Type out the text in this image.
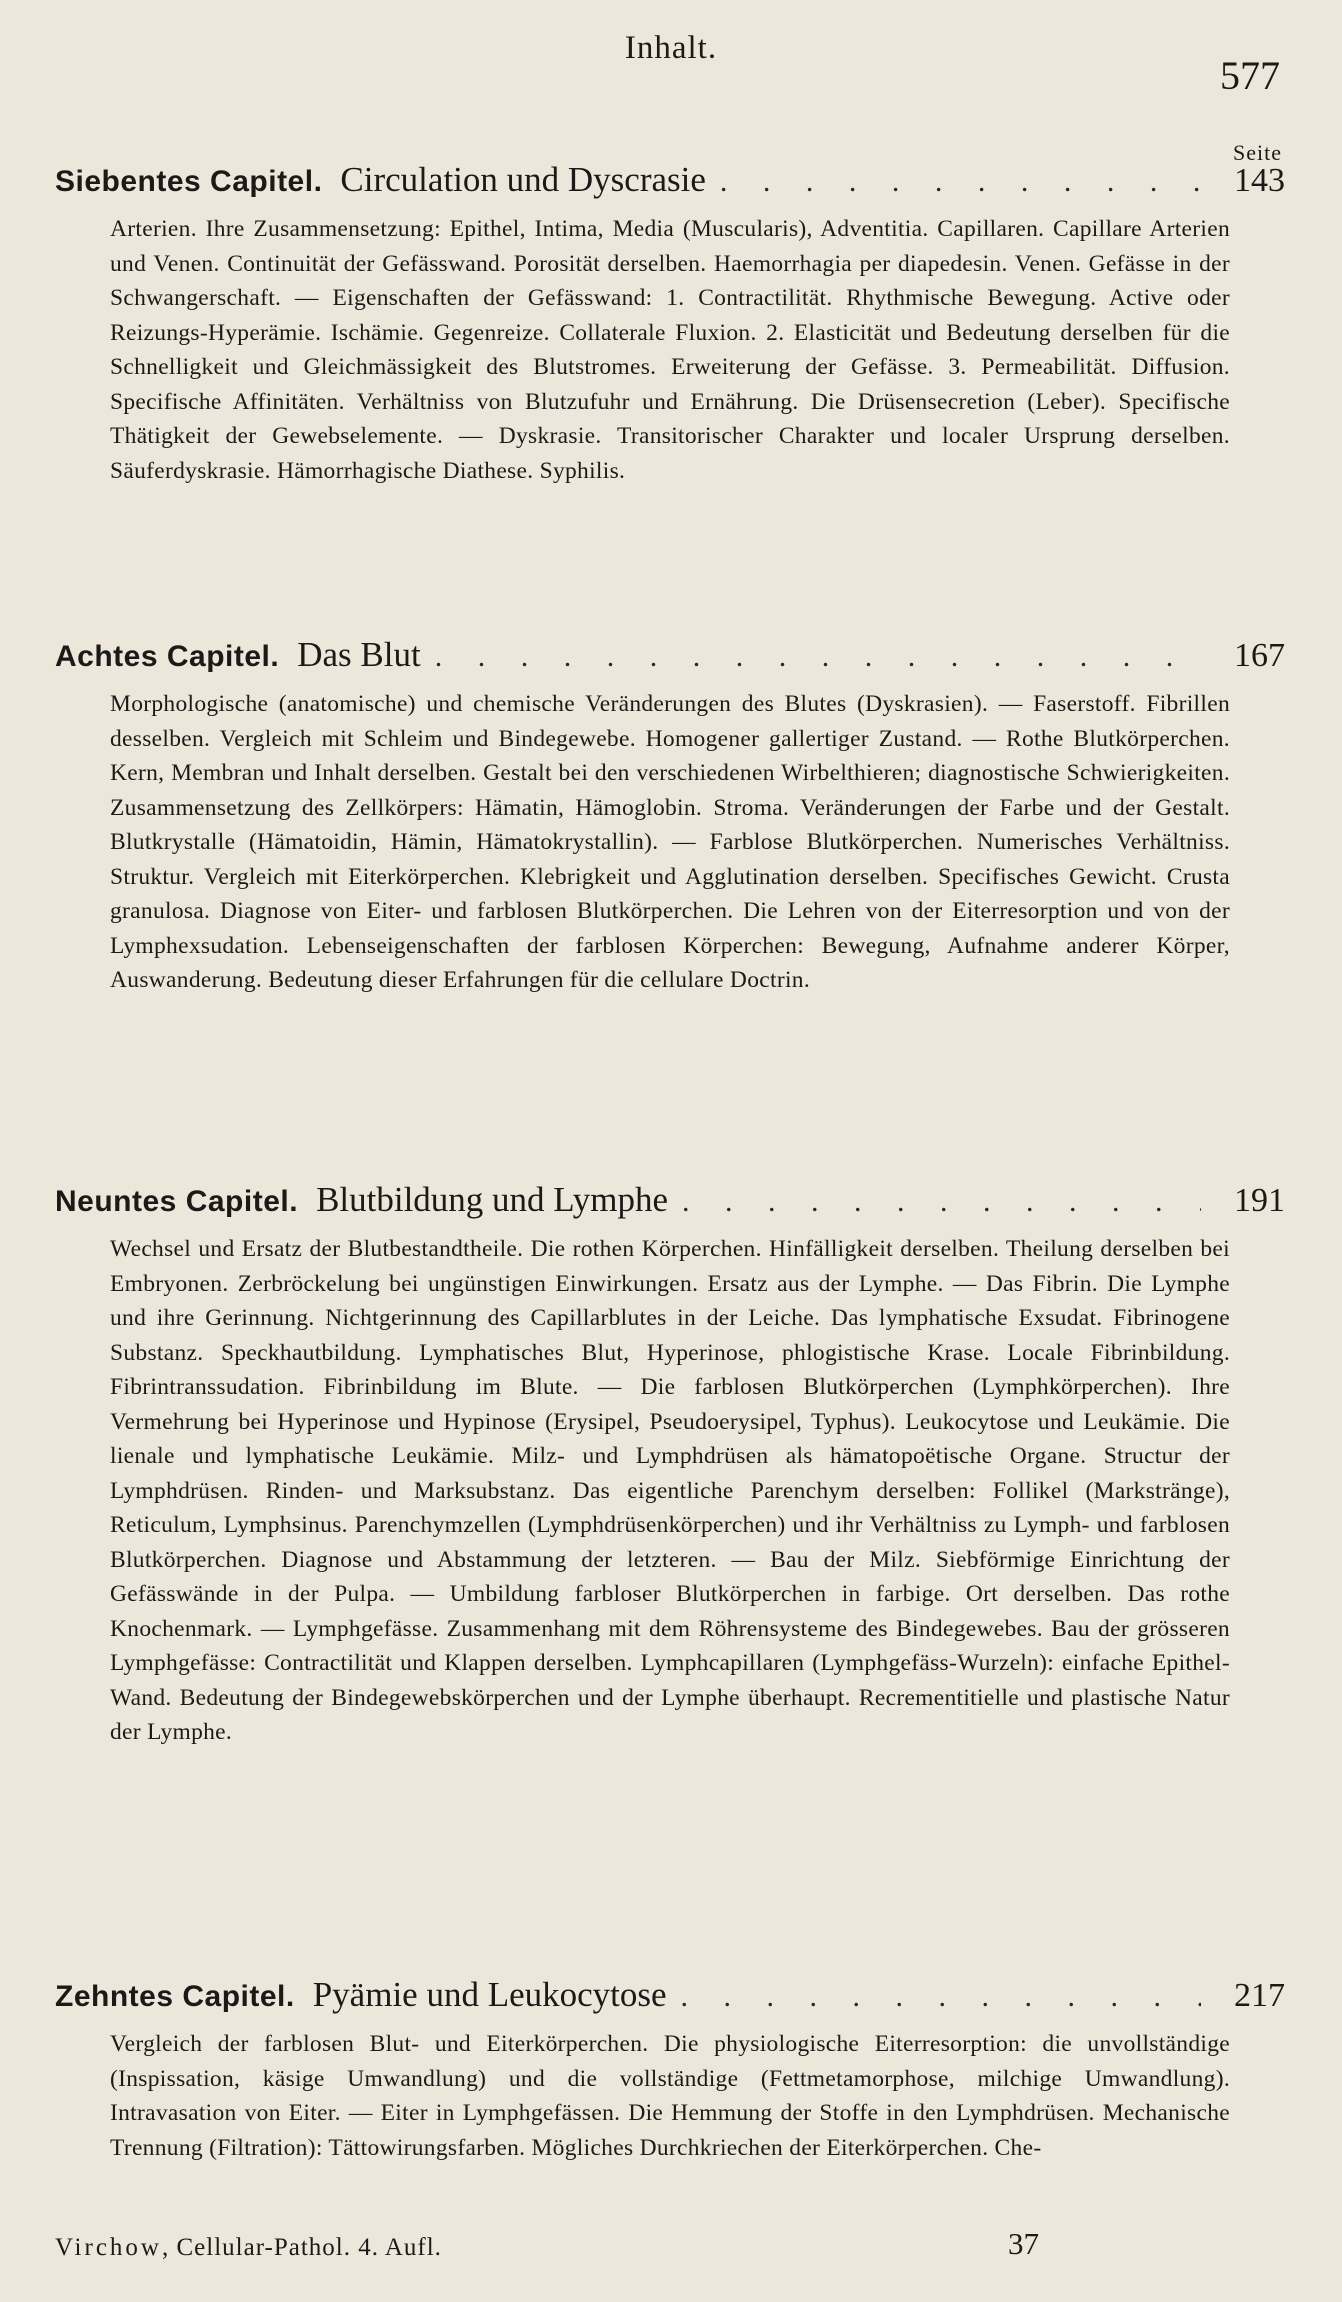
Inhalt.
577
Seite
Siebentes Capitel. Circulation und Dyscrasie . . .	143

Arterien. Ihre Zusammensetzung: Epithel, Intima, Media (Muscularis), Adventitia. Capillaren. Capillare Arterien und Venen. Continuität der Gefässwand. Porosität derselben. Haemorrhagia per diapedesin. Venen. Gefässe in der Schwangerschaft. — Eigenschaften der Gefässwand: 1. Contractilität. Rhythmische Bewegung. Active oder Reizungs-Hyperämie. Ischämie. Gegenreize. Collaterale Fluxion. 2. Elasticität und Bedeutung derselben für die Schnelligkeit und Gleichmässigkeit des Blutstromes. Erweiterung der Gefässe. 3. Permeabilität. Diffusion. Specifische Affinitäten. Verhältniss von Blutzufuhr und Ernährung. Die Drüsensecretion (Leber). Specifische Thätigkeit der Gewebselemente. — Dyskrasie. Transitorischer Charakter und localer Ursprung derselben. Säuferdyskrasie. Hämorrhagische Diathese. Syphilis.

Achtes Capitel. Das Blut . . .	167

Morphologische (anatomische) und chemische Veränderungen des Blutes (Dyskrasien). — Faserstoff. Fibrillen desselben. Vergleich mit Schleim und Bindegewebe. Homogener gallertiger Zustand. — Rothe Blutkörperchen. Kern, Membran und Inhalt derselben. Gestalt bei den verschiedenen Wirbelthieren; diagnostische Schwierigkeiten. Zusammensetzung des Zellkörpers: Hämatin, Hämoglobin. Stroma. Veränderungen der Farbe und der Gestalt. Blutkrystalle (Hämatoidin, Hämin, Hämatokrystallin). — Farblose Blutkörperchen. Numerisches Verhältniss. Struktur. Vergleich mit Eiterkörperchen. Klebrigkeit und Agglutination derselben. Specifisches Gewicht. Crusta granulosa. Diagnose von Eiter- und farblosen Blutkörperchen. Die Lehren von der Eiterresorption und von der Lymphexsudation. Lebenseigenschaften der farblosen Körperchen: Bewegung, Aufnahme anderer Körper, Auswanderung. Bedeutung dieser Erfahrungen für die cellulare Doctrin.

Neuntes Capitel. Blutbildung und Lymphe . . .	191

Wechsel und Ersatz der Blutbestandtheile. Die rothen Körperchen. Hinfälligkeit derselben. Theilung derselben bei Embryonen. Zerbröckelung bei ungünstigen Einwirkungen. Ersatz aus der Lymphe. — Das Fibrin. Die Lymphe und ihre Gerinnung. Nichtgerinnung des Capillarblutes in der Leiche. Das lymphatische Exsudat. Fibrinogene Substanz. Speckhautbildung. Lymphatisches Blut, Hyperinose, phlogistische Krase. Locale Fibrinbildung. Fibrintranssudation. Fibrinbildung im Blute. — Die farblosen Blutkörperchen (Lymphkörperchen). Ihre Vermehrung bei Hyperinose und Hypinose (Erysipel, Pseudoerysipel, Typhus). Leukocytose und Leukämie. Die lienale und lymphatische Leukämie. Milz- und Lymphdrüsen als hämatopoëtische Organe. Structur der Lymphdrüsen. Rinden- und Marksubstanz. Das eigentliche Parenchym derselben: Follikel (Markstränge), Reticulum, Lymphsinus. Parenchymzellen (Lymphdrüsenkörperchen) und ihr Verhältniss zu Lymph- und farblosen Blutkörperchen. Diagnose und Abstammung der letzteren. — Bau der Milz. Siebförmige Einrichtung der Gefässwände in der Pulpa. — Umbildung farbloser Blutkörperchen in farbige. Ort derselben. Das rothe Knochenmark. — Lymphgefässe. Zusammenhang mit dem Röhrensysteme des Bindegewebes. Bau der grösseren Lymphgefässe: Contractilität und Klappen derselben. Lymphcapillaren (Lymphgefäss-Wurzeln): einfache Epithel-Wand. Bedeutung der Bindegewebskörperchen und der Lymphe überhaupt. Recrementitielle und plastische Natur der Lymphe.

Zehntes Capitel. Pyämie und Leukocytose . . .	217

Vergleich der farblosen Blut- und Eiterkörperchen. Die physiologische Eiterresorption: die unvollständige (Inspissation, käsige Umwandlung) und die vollständige (Fettmetamorphose, milchige Umwandlung). Intravasation von Eiter. — Eiter in Lymphgefässen. Die Hemmung der Stoffe in den Lymphdrüsen. Mechanische Trennung (Filtration): Tättowirungsfarben. Mögliches Durchkriechen der Eiterkörperchen. Che-

Virchow, Cellular-Pathol. 4. Aufl.	37
